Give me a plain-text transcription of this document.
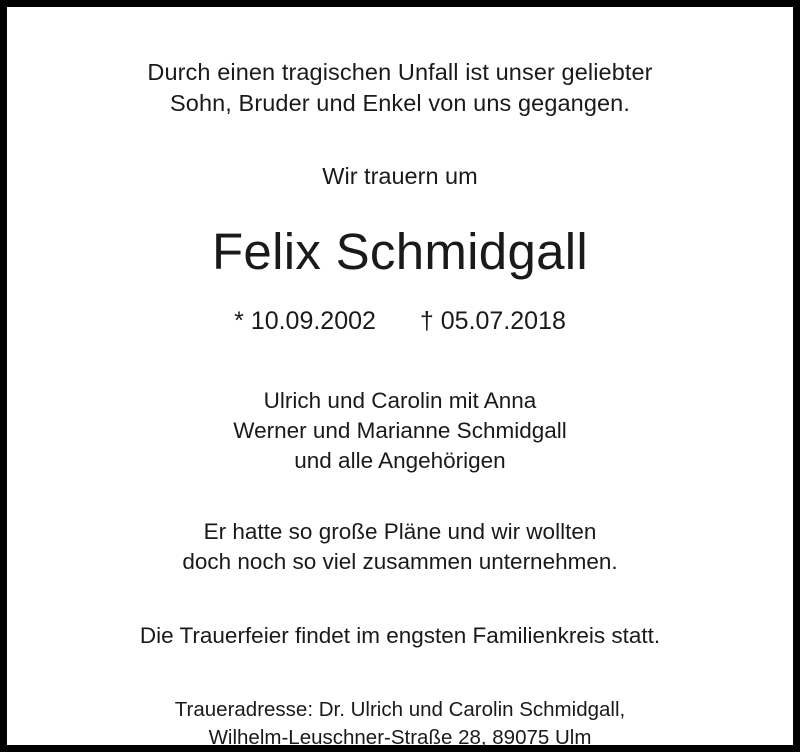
Durch einen tragischen Unfall ist unser geliebter
Sohn, Bruder und Enkel von uns gegangen.
Wir trauern um
Felix Schmidgall
* 10.09.2002 † 05.07.2018
Ulrich und Carolin mit Anna
Werner und Marianne Schmidgall
und alle Angehörigen
Er hatte so große Pläne und wir wollten
doch noch so viel zusammen unternehmen.
Die Trauerfeier findet im engsten Familienkreis statt.
Traueradresse: Dr. Ulrich und Carolin Schmidgall,
Wilhelm-Leuschner-Straße 28, 89075 Ulm
